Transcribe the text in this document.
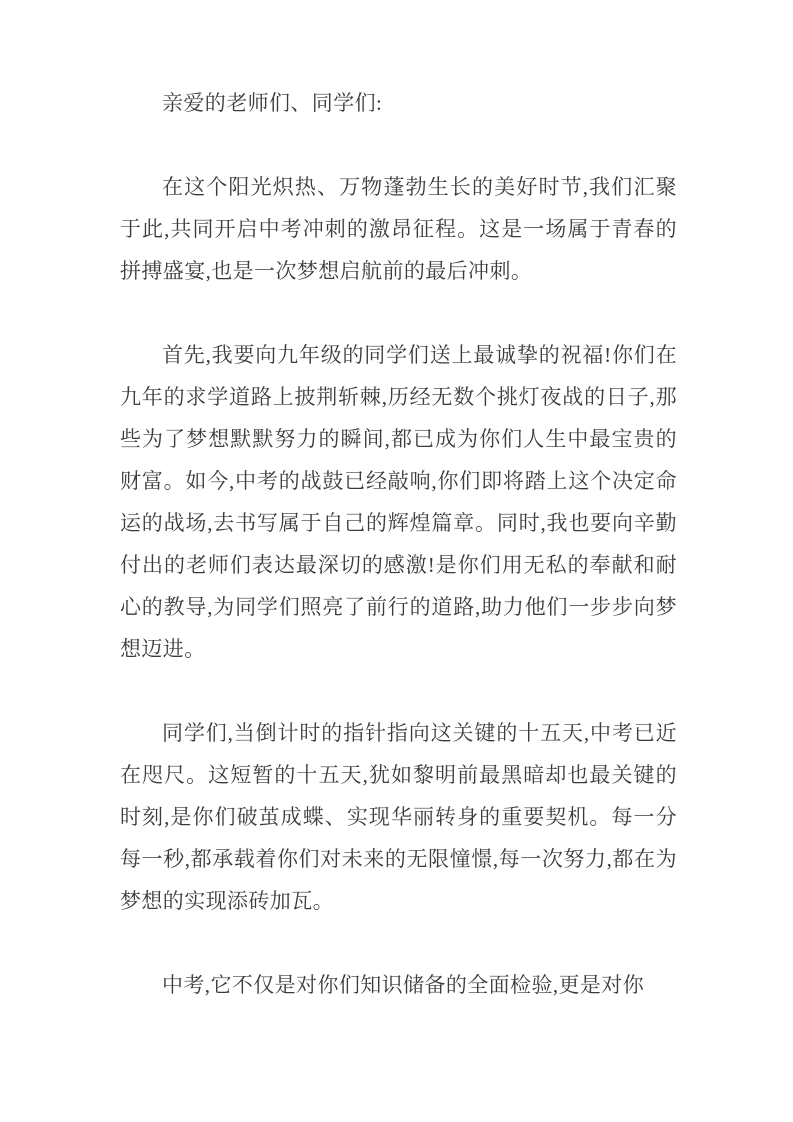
亲爱的老师们、同学们:

在这个阳光炽热、万物蓬勃生长的美好时节,我们汇聚于此,共同开启中考冲刺的激昂征程。这是一场属于青春的拼搏盛宴,也是一次梦想启航前的最后冲刺。

首先,我要向九年级的同学们送上最诚挚的祝福!你们在九年的求学道路上披荆斩棘,历经无数个挑灯夜战的日子,那些为了梦想默默努力的瞬间,都已成为你们人生中最宝贵的财富。如今,中考的战鼓已经敲响,你们即将踏上这个决定命运的战场,去书写属于自己的辉煌篇章。同时,我也要向辛勤付出的老师们表达最深切的感激!是你们用无私的奉献和耐心的教导,为同学们照亮了前行的道路,助力他们一步步向梦想迈进。

同学们,当倒计时的指针指向这关键的十五天,中考已近在咫尺。这短暂的十五天,犹如黎明前最黑暗却也最关键的时刻,是你们破茧成蝶、实现华丽转身的重要契机。每一分每一秒,都承载着你们对未来的无限憧憬,每一次努力,都在为梦想的实现添砖加瓦。

中考,它不仅是对你们知识储备的全面检验,更是对你
